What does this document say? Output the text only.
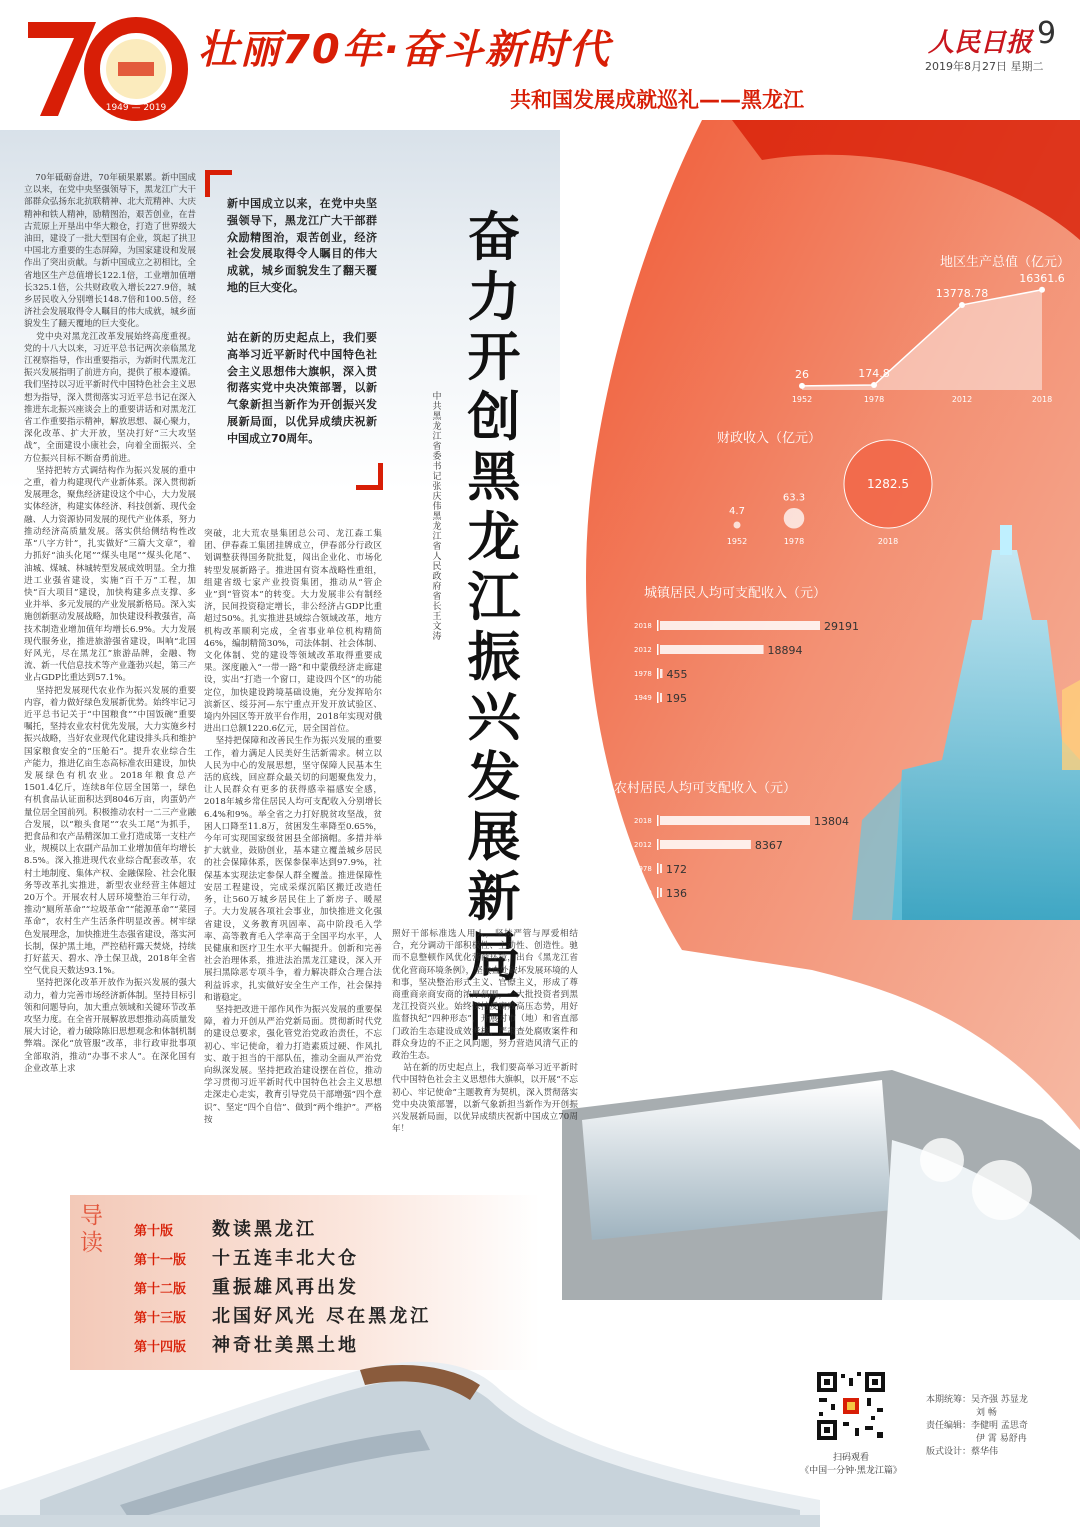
1949 — 2019
壮丽70年·奋斗新时代
共和国发展成就巡礼——黑龙江
人民日报 9
2019年8月27日 星期二
26
1952
174.8
1978
13778.78
2012
16361.6
2018
4.7
1952
63.3
1978
1282.5
2018
2018	29191
2012	18894
1978 455
1949 195
2018	13804
2012	8367
1978 172
1949 136
地区生产总值（亿元）
财政收入（亿元）
城镇居民人均可支配收入（元）
农村居民人均可支配收入（元）

新中国成立以来，在党中央坚强领导下，黑龙江广大干部群众励精图治，艰苦创业，经济社会发展取得令人瞩目的伟大成就，城乡面貌发生了翻天覆地的巨大变化。

站在新的历史起点上，我们要高举习近平新时代中国特色社会主义思想伟大旗帜，深入贯彻落实党中央决策部署，以新气象新担当新作为开创振兴发展新局面，以优异成绩庆祝新中国成立70周年。

奋
力
开
创
黑
龙
江
振
兴
发
展
新
局
面
中共黑龙江省委书记 张庆伟 黑龙江省人民政府省长 王文涛
70年砥砺奋进，70年硕果累累。新中国成立以来，在党中央坚强领导下，黑龙江广大干部群众弘扬东北抗联精神、北大荒精神、大庆精神和铁人精神，励精图治，艰苦创业，在昔古荒原上开垦出中华大粮仓，打造了世界级大油田，建设了一批大型国有企业，筑起了拱卫中国北方重要的生态屏障，为国家建设和发展作出了突出贡献。与新中国成立之初相比，全省地区生产总值增长122.1倍，工业增加值增长325.1倍，公共财政收入增长227.9倍，城乡居民收入分别增长148.7倍和100.5倍，经济社会发展取得令人瞩目的伟大成就，城乡面貌发生了翻天覆地的巨大变化。
党中央对黑龙江改革发展始终高度重视。党的十八大以来，习近平总书记两次亲临黑龙江视察指导，作出重要指示，为新时代黑龙江振兴发展指明了前进方向，提供了根本遵循。我们坚持以习近平新时代中国特色社会主义思想为指导，深入贯彻落实习近平总书记在深入推进东北振兴座谈会上的重要讲话和对黑龙江省工作重要指示精神，解放思想、凝心聚力，深化改革、扩大开放，坚决打好“三大攻坚战”，全面建设小康社会，向着全面振兴、全方位振兴目标不断奋勇前进。
坚持把转方式调结构作为振兴发展的重中之重，着力构建现代产业新体系。深入贯彻新发展理念，聚焦经济建设这个中心，大力发展实体经济，构建实体经济、科技创新、现代金融、人力资源协同发展的现代产业体系，努力推动经济高质量发展。落实供给侧结构性改革“八字方针”，扎实做好“三篇大文章”，着力抓好“油头化尾”“煤头电尾”“煤头化尾”、油城、煤城、林城转型发展成效明显。全力推进工业强省建设，实施“百千万”工程，加快“百大项目”建设，加快构建多点支撑、多业并举、多元发展的产业发展新格局。深入实施创新驱动发展战略，加快建设科教强省，高技术制造业增加值年均增长6.9%。大力发展现代服务业，推进旅游强省建设，叫响“北国好风光，尽在黑龙江”旅游品牌，金融、物流、新一代信息技术等产业蓬勃兴起，第三产业占GDP比重达到57.1%。
坚持把发展现代农业作为振兴发展的重要内容，着力做好绿色发展新优势。始终牢记习近平总书记关于“中国粮食”“中国饭碗”重要嘱托，坚持农业农村优先发展，大力实施乡村振兴战略，当好农业现代化建设排头兵和维护国家粮食安全的“压舱石”。提升农业综合生产能力，推进亿亩生态高标准农田建设，加快发展绿色有机农业。2018年粮食总产1501.4亿斤，连续8年位居全国第一，绿色有机食品认证面积达到8046万亩，肉蛋奶产量位居全国前列。积极推动农村一二三产业融合发展，以“粮头食尾”“农头工尾”为抓手，把食品和农产品精深加工业打造成第一支柱产业，规模以上农副产品加工业增加值年均增长8.5%。深入推进现代农业综合配套改革，农村土地制度、集体产权、金融保险、社会化服务等改革扎实推进，新型农业经营主体超过20万个。开展农村人居环境整治三年行动，推动“厕所革命”“垃圾革命”“能源革命”“菜园革命”，农村生产生活条件明显改善。树牢绿色发展理念，加快推进生态强省建设，落实河长制，保护黑土地，严控秸秆露天焚烧，持续打好蓝天、碧水、净土保卫战，2018年全省空气优良天数达93.1%。
坚持把深化改革开放作为振兴发展的强大动力，着力完善市场经济新体制。坚持目标引领和问题导向，加大重点领域和关键环节改革攻坚力度。在全省开展解放思想推动高质量发展大讨论，着力破除陈旧思想观念和体制机制弊端。深化“放管服”改革，非行政审批事项全部取消，推动“办事不求人”。在深化国有企业改革上求
突破，北大荒农垦集团总公司、龙江森工集团、伊春森工集团挂牌成立，伊春部分行政区划调整获得国务院批复，闯出企业化、市场化转型发展新路子。推进国有资本战略性重组，组建省级七家产业投资集团，推动从“管企业”到“管资本”的转变。大力发展非公有制经济，民间投资稳定增长，非公经济占GDP比重超过50%。扎实推进县域综合领域改革，地方机构改革顺利完成，全省事业单位机构精简46%，编制精简30%，司法体制、社会体制、文化体制、党的建设等领域改革取得重要成果。深度融入“一带一路”和中蒙俄经济走廊建设，实出“打造一个窗口，建设四个区”的功能定位，加快建设跨境基础设施，充分发挥哈尔滨新区、绥芬河—东宁重点开发开放试验区、境内外园区等开放平台作用，2018年实现对俄进出口总额1220.6亿元，居全国首位。
坚持把保障和改善民生作为振兴发展的重要工作，着力满足人民美好生活新需求。树立以人民为中心的发展思想，坚守保障人民基本生活的底线，回应群众最关切的问题聚焦发力，让人民群众有更多的获得感幸福感安全感，2018年城乡常住居民人均可支配收入分别增长6.4%和9%。举全省之力打好脱贫攻坚战，贫困人口降至11.8万，贫困发生率降至0.65%，今年可实现国家级贫困县全部摘帽。多措并举扩大就业，鼓励创业，基本建立覆盖城乡居民的社会保障体系，医保参保率达到97.9%，社保基本实现法定参保人群全覆盖。推进保障性安居工程建设，完成采煤沉陷区搬迁改造任务，让560万城乡居民住上了新房子、暖屋子。大力发展各项社会事业，加快推进文化强省建设，义务教育巩固率、高中阶段毛入学率、高等教育毛入学率高于全国平均水平，人民健康和医疗卫生水平大幅提升。创新和完善社会治理体系，推进法治黑龙江建设，深入开展扫黑除恶专项斗争，着力解决群众合理合法利益诉求，扎实做好安全生产工作，社会保持和谐稳定。
坚持把改进干部作风作为振兴发展的重要保障，着力开创从严治党新局面。贯彻新时代党的建设总要求，强化管党治党政治责任，不忘初心、牢记使命，着力打造素质过硬、作风扎实、敢于担当的干部队伍，推动全面从严治党向纵深发展。坚持把政治建设摆在首位，推动学习贯彻习近平新时代中国特色社会主义思想走深走心走实，教育引导党员干部增强“四个意识”、坚定“四个自信”、做到“两个维护”。严格按
照好干部标准选人用人，坚持严管与厚爱相结合，充分调动干部积极性、主动性、创造性。驰而不息整顿作风优化营商环境，出台《黑龙江省优化营商环境条例》，坚决查处破坏发展环境的人和事，坚决整治形式主义、官僚主义，形成了尊商重商亲商安商的浓厚氛围，一大批投资者到黑龙江投资兴业。始终保持反腐败高压态势，用好监督执纪“四种形态”，开展对市（地）和省直部门政治生态建设成效考核，严肃查处腐败案件和群众身边的不正之风问题，努力营造风清气正的政治生态。
站在新的历史起点上，我们要高举习近平新时代中国特色社会主义思想伟大旗帜，以开展“不忘初心、牢记使命”主题教育为契机，深入贯彻落实党中央决策部署，以新气象新担当新作为开创振兴发展新局面，以优异成绩庆祝新中国成立70周年！
导读 第十版 数读黑龙江
第十一版 十五连丰北大仓
第十二版 重振雄风再出发
第十三版 北国好风光 尽在黑龙江
第十四版 神奇壮美黑土地
扫码观看
《中国一分钟·黑龙江篇》
本期统筹：吴齐强 苏显龙
刘 畅
责任编辑：李健明 孟思奇
伊 霄 易舒冉
版式设计：蔡华伟
